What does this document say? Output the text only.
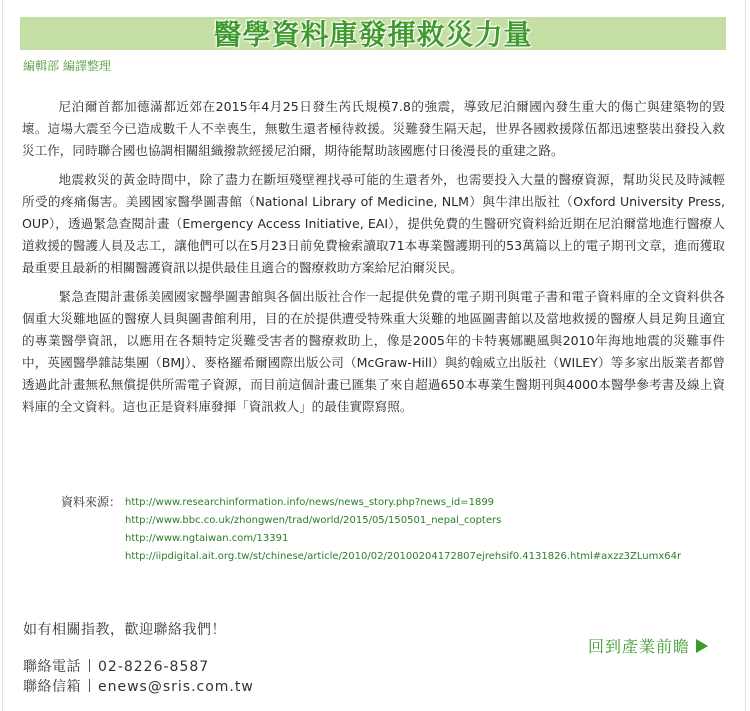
醫學資料庫發揮救災力量
編輯部 編譯整理

尼泊爾首都加德滿都近郊在2015年4月25日發生芮氏規模7.8的強震，導致尼泊爾國內發生重大的傷亡與建築物的毀壞。這場大震至今已造成數千人不幸喪生，無數生還者極待救援。災難發生隔天起，世界各國救援隊伍都迅速整裝出發投入救災工作，同時聯合國也協調相關組織撥款經援尼泊爾，期待能幫助該國應付日後漫長的重建之路。

地震救災的黃金時間中，除了盡力在斷垣殘壁裡找尋可能的生還者外，也需要投入大量的醫療資源，幫助災民及時減輕所受的疼痛傷害。美國國家醫學圖書館（National Library of Medicine, NLM）與牛津出版社（Oxford University Press, OUP），透過緊急查閱計畫（Emergency Access Initiative, EAI），提供免費的生醫研究資料給近期在尼泊爾當地進行醫療人道救援的醫護人員及志工，讓他們可以在5月23日前免費檢索讀取71本專業醫護期刊的53萬篇以上的電子期刊文章，進而獲取最重要且最新的相關醫護資訊以提供最佳且適合的醫療救助方案給尼泊爾災民。

緊急查閱計畫係美國國家醫學圖書館與各個出版社合作一起提供免費的電子期刊與電子書和電子資料庫的全文資料供各個重大災難地區的醫療人員與圖書館利用，目的在於提供遭受特殊重大災難的地區圖書館以及當地救援的醫療人員足夠且適宜的專業醫學資訊，以應用在各類特定災難受害者的醫療救助上，像是2005年的卡特裏娜颶風與2010年海地地震的災難事件中，英國醫學雜誌集團（BMJ）、麥格羅希爾國際出版公司（McGraw-Hill）與約翰威立出版社（WILEY）等多家出版業者都曾透過此計畫無私無償提供所需電子資源，而目前這個計畫已匯集了來自超過650本專業生醫期刊與4000本醫學參考書及線上資料庫的全文資料。這也正是資料庫發揮「資訊救人」的最佳實際寫照。

資料來源： http://www.researchinformation.info/news/news_story.php?news_id=1899
http://www.bbc.co.uk/zhongwen/trad/world/2015/05/150501_nepal_copters
http://www.ngtaiwan.com/13391
http://iipdigital.ait.org.tw/st/chinese/article/2010/02/20100204172807ejrehsif0.4131826.html#axzz3ZLumx64r
如有相關指教，歡迎聯絡我們！
回到產業前瞻
聯絡電話 02-8226-8587
聯絡信箱 enews@sris.com.tw
